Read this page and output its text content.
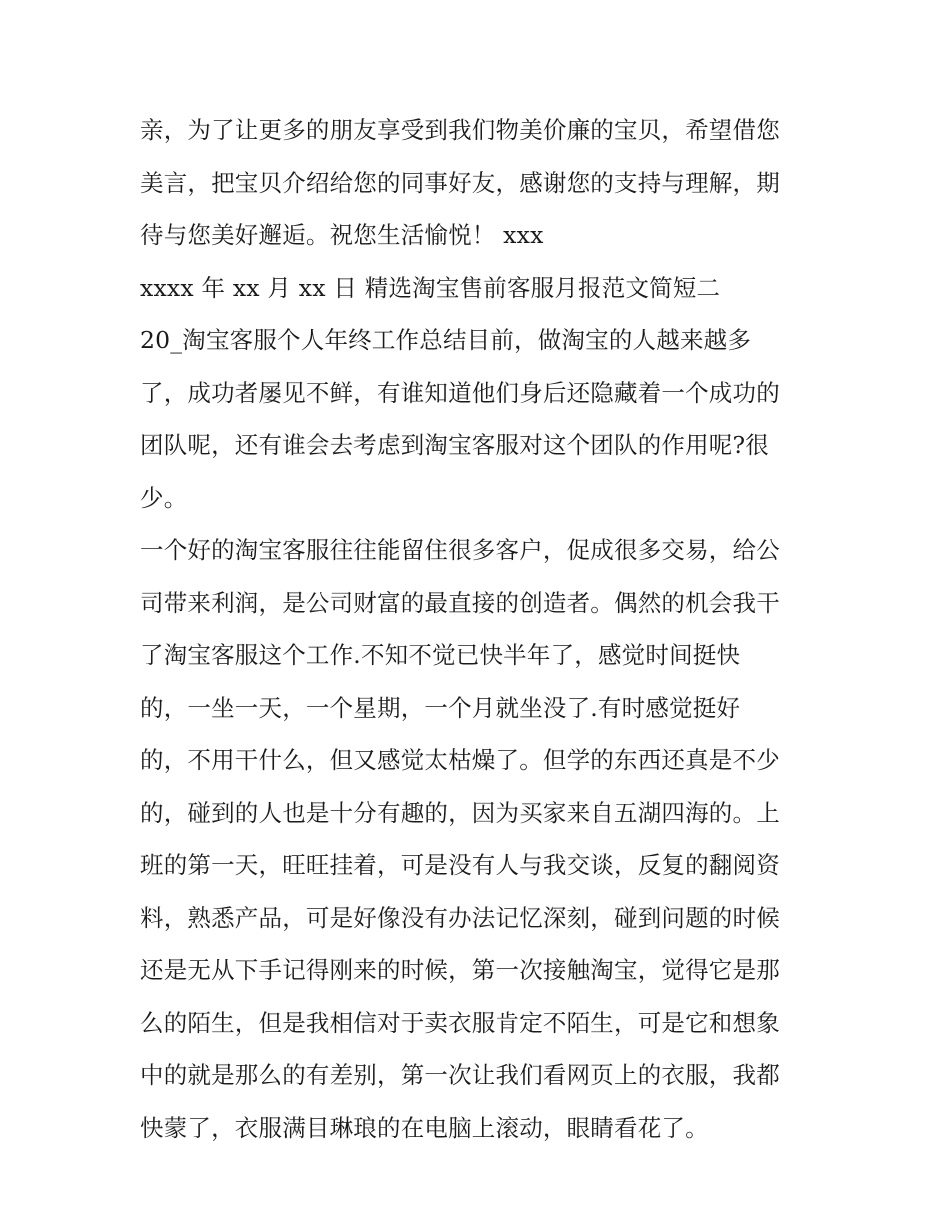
亲，为了让更多的朋友享受到我们物美价廉的宝贝，希望借您
美言，把宝贝介绍给您的同事好友，感谢您的支持与理解，期
待与您美好邂逅。祝您生活愉悦！ xxx
xxxx 年 xx 月 xx 日 精选淘宝售前客服月报范文简短二
20_淘宝客服个人年终工作总结目前，做淘宝的人越来越多
了，成功者屡见不鲜，有谁知道他们身后还隐藏着一个成功的
团队呢，还有谁会去考虑到淘宝客服对这个团队的作用呢?很
少。
一个好的淘宝客服往往能留住很多客户，促成很多交易，给公
司带来利润，是公司财富的最直接的创造者。偶然的机会我干
了淘宝客服这个工作.不知不觉已快半年了，感觉时间挺快
的，一坐一天，一个星期，一个月就坐没了.有时感觉挺好
的，不用干什么，但又感觉太枯燥了。但学的东西还真是不少
的，碰到的人也是十分有趣的，因为买家来自五湖四海的。上
班的第一天，旺旺挂着，可是没有人与我交谈，反复的翻阅资
料，熟悉产品，可是好像没有办法记忆深刻，碰到问题的时候
还是无从下手记得刚来的时候，第一次接触淘宝，觉得它是那
么的陌生，但是我相信对于卖衣服肯定不陌生，可是它和想象
中的就是那么的有差别，第一次让我们看网页上的衣服，我都
快蒙了，衣服满目琳琅的在电脑上滚动，眼睛看花了。
